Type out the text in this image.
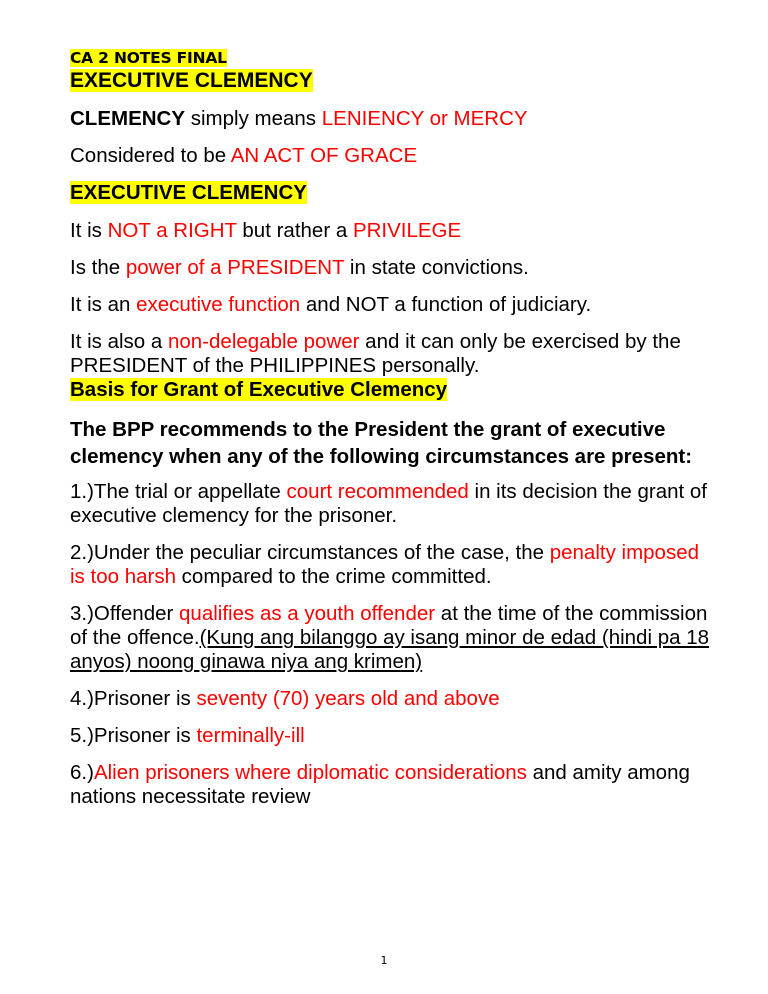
CA 2 NOTES FINAL
EXECUTIVE CLEMENCY
CLEMENCY simply means LENIENCY or MERCY
Considered to be AN ACT OF GRACE
EXECUTIVE CLEMENCY
It is NOT a RIGHT but rather a PRIVILEGE
Is the power of a PRESIDENT in state convictions.
It is an executive function and NOT a function of judiciary.
It is also a non-delegable power and it can only be exercised by the PRESIDENT of the PHILIPPINES personally.
Basis for Grant of Executive Clemency
The BPP recommends to the President the grant of executive clemency when any of the following circumstances are present:
1.)The trial or appellate court recommended in its decision the grant of executive clemency for the prisoner.
2.)Under the peculiar circumstances of the case, the penalty imposed is too harsh compared to the crime committed.
3.)Offender qualifies as a youth offender at the time of the commission of the offence.(Kung ang bilanggo ay isang minor de edad (hindi pa 18 anyos) noong ginawa niya ang krimen)
4.)Prisoner is seventy (70) years old and above
5.)Prisoner is terminally-ill
6.)Alien prisoners where diplomatic considerations and amity among nations necessitate review
1
